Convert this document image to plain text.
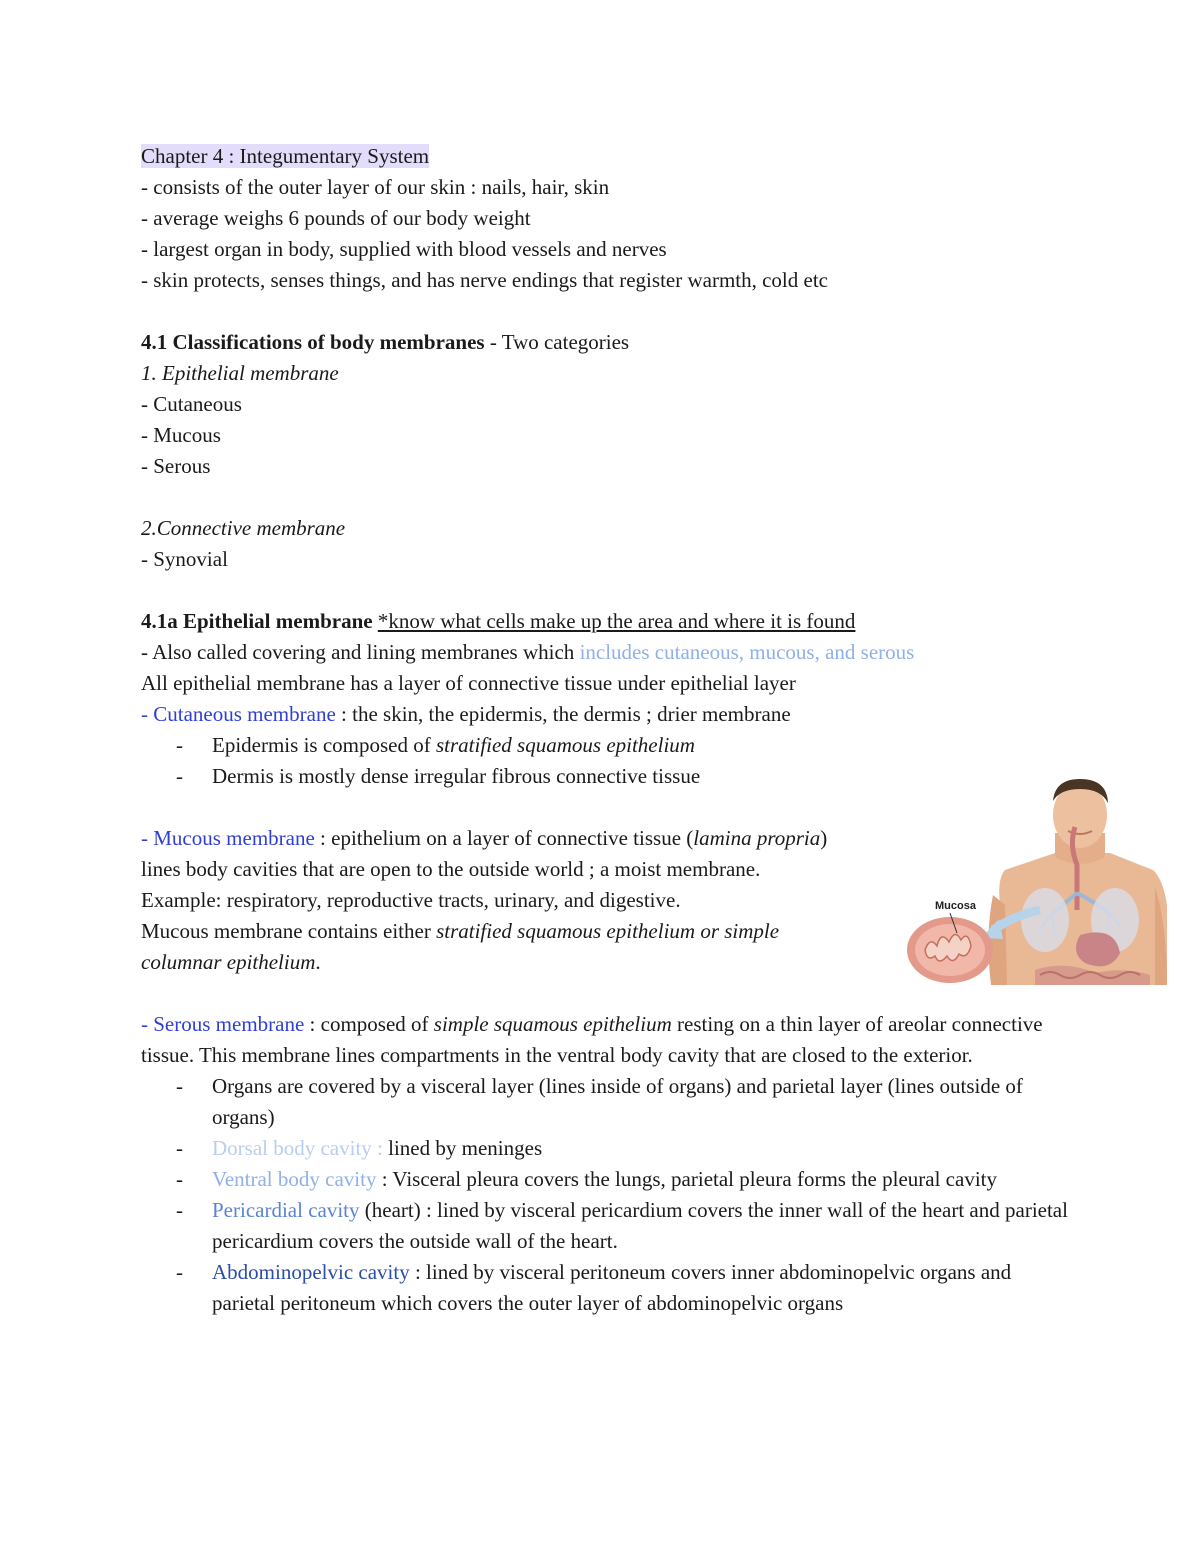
Chapter 4 : Integumentary System
- consists of the outer layer of our skin : nails, hair, skin
- average weighs 6 pounds of our body weight
- largest organ in body, supplied with blood vessels and nerves
- skin protects, senses things, and has nerve endings that register warmth, cold etc
4.1 Classifications of body membranes - Two categories
1. Epithelial membrane
- Cutaneous
- Mucous
- Serous
2.Connective membrane
- Synovial
4.1a Epithelial membrane *know what cells make up the area and where it is found
- Also called covering and lining membranes which includes cutaneous, mucous, and serous
All epithelial membrane has a layer of connective tissue under epithelial layer
- Cutaneous membrane : the skin, the epidermis, the dermis ; drier membrane
- Epidermis is composed of stratified squamous epithelium
- Dermis is mostly dense irregular fibrous connective tissue
- Mucous membrane : epithelium on a layer of connective tissue (lamina propria) lines body cavities that are open to the outside world ; a moist membrane.
Example: respiratory, reproductive tracts, urinary, and digestive.
Mucous membrane contains either stratified squamous epithelium or simple columnar epithelium.
- Serous membrane : composed of simple squamous epithelium resting on a thin layer of areolar connective tissue. This membrane lines compartments in the ventral body cavity that are closed to the exterior.
- Organs are covered by a visceral layer (lines inside of organs) and parietal layer (lines outside of organs)
- Dorsal body cavity : lined by meninges
- Ventral body cavity : Visceral pleura covers the lungs, parietal pleura forms the pleural cavity
- Pericardial cavity (heart) : lined by visceral pericardium covers the inner wall of the heart and parietal pericardium covers the outside wall of the heart.
- Abdominopelvic cavity : lined by visceral peritoneum covers inner abdominopelvic organs and parietal peritoneum which covers the outer layer of abdominopelvic organs
Mucosa
